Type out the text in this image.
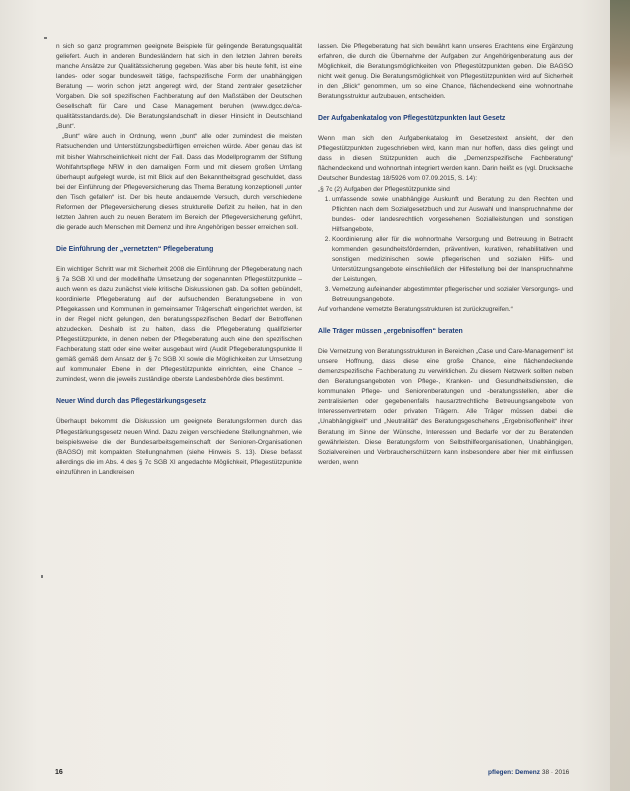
n sich so ganz programmen geeignete Beispiele für gelingende Beratungsqualität geliefert. Auch in anderen Bundesländern hat sich in den letzten Jahren bereits manche Ansätze zur Qualitätssicherung gegeben. Was aber bis heute fehlt, ist eine landes- oder sogar bundesweit tätige, fachspezifische Form der unabhängigen Beratung — worin schon jetzt angeregt wird, der Stand zentraler gesetzlicher Vorgaben. Die soll spezifischen Fachberatung auf den Maßstäben der Deutschen Gesellschaft für Care und Case Management beruhen (www.dgcc.de/ca-qualitätsstandards.de). Die Beratungslandschaft in dieser Hinsicht in Deutschland „Bunt“.

„Bunt“ wäre auch in Ordnung, wenn „bunt“ alle oder zumindest die meisten Ratsuchenden und Unterstützungsbedürftigen erreichen würde. Aber genau das ist mit bisher Wahrscheinlichkeit nicht der Fall. Dass das Modellprogramm der Stiftung Wohlfahrtspflege NRW in den damaligen Form und mit diesem großen Umfang überhaupt aufgelegt wurde, ist mit Blick auf den Bekanntheitsgrad geschuldet, dass bei der Einführung der Pflegeversicherung das Thema Beratung konzeptionell „unter den Tisch gefallen“ ist. Der bis heute andauernde Versuch, durch verschiedene Reformen der Pflegeversicherung dieses strukturelle Defizit zu heilen, hat in den letzten Jahren auch zu neuen Beratern im Bereich der Pflegeversicherung geführt, die gerade auch Menschen mit Demenz und ihre Angehörigen besser erreichen soll.

Die Einführung der „vernetzten“ Pflegeberatung

Ein wichtiger Schritt war mit Sicherheit 2008 die Einführung der Pflegeberatung nach § 7a SGB XI und der modellhafte Umsetzung der sogenannten Pflegestützpunkte – auch wenn es dazu zunächst viele kritische Diskussionen gab. Da sollten gebündelt, koordinierte Pflegeberatung auf der aufsuchenden Beratungsebene in von Pflegekassen und Kommunen in gemeinsamer Trägerschaft eingerichtet werden, ist in der Regel nicht gelungen, den beratungsspezifischen Bedarf der Betroffenen abzudecken. Deshalb ist zu halten, dass die Pflegeberatung qualifizierter Pflegestützpunkte, in denen neben der Pflegeberatung auch eine den spezifischen Fachberatung statt oder eine weiter ausgebaut wird (Audit Pflegeberatungspunkte II gemäß gemäß dem Ansatz der § 7c SGB XI sowie die Möglichkeiten zur Umsetzung auf kommunaler Ebene in der Pflegestützpunkte einrichten, eine Chance – zumindest, wenn die jeweils zuständige oberste Landesbehörde dies bestimmt.

Neuer Wind durch das Pflegestärkungsgesetz

Überhaupt bekommt die Diskussion um geeignete Beratungsformen durch das Pflegestärkungsgesetz neuen Wind. Dazu zeigen verschiedene Stellungnahmen, wie beispielsweise die der Bundesarbeitsgemeinschaft der Senioren-Organisationen (BAGSO) mit kompakten Stellungnahmen (siehe Hinweis S. 13). Diese befasst allerdings die im Abs. 4 des § 7c SGB XI angedachte Möglichkeit, Pflegestützpunkte einzuführen in Landkreisen

lassen. Die Pflegeberatung hat sich bewährt kann unseres Erachtens eine Ergänzung erfahren, die durch die Übernahme der Aufgaben zur Angehörigenberatung aus der Möglichkeit, die Beratungsmöglichkeiten von Pflegestützpunkten geben. Die BAGSO nicht weit genug. Die Beratungsmöglichkeit von Pflegestützpunkten wird auf Sicherheit in den „Blick“ genommen, um so eine Chance, flächendeckend eine wohnortnahe Beratungsstruktur aufzubauen, entscheiden.

Der Aufgabenkatalog von Pflegestützpunkten laut Gesetz

Wenn man sich den Aufgabenkatalog im Gesetzestext ansieht, der den Pflegestützpunkten zugeschrieben wird, kann man nur hoffen, dass dies gelingt und dass in diesen Stützpunkten auch die „Demenzspezifische Fachberatung“ flächendeckend und wohnortnah integriert werden kann. Darin heißt es (vgl. Drucksache Deutscher Bundestag 18/5926 vom 07.09.2015, S. 14):

„§ 7c (2) Aufgaben der Pflegestützpunkte sind

1. umfassende sowie unabhängige Auskunft und Beratung zu den Rechten und Pflichten nach dem Sozialgesetzbuch und zur Auswahl und Inanspruchnahme der bundes- oder landesrechtlich vorgesehenen Sozialleistungen und sonstigen Hilfsangebote,
2. Koordinierung aller für die wohnortnahe Versorgung und Betreuung in Betracht kommenden gesundheitsfördernden, präventiven, kurativen, rehabilitativen und sonstigen medizinischen sowie pflegerischen und sozialen Hilfs- und Unterstützungsangebote einschließlich der Hilfestellung bei der Inanspruchnahme der Leistungen,
3. Vernetzung aufeinander abgestimmter pflegerischer und sozialer Versorgungs- und Betreuungsangebote.

Auf vorhandene vernetzte Beratungsstrukturen ist zurückzugreifen.“

Alle Träger müssen „ergebnisoffen“ beraten

Die Vernetzung von Beratungsstrukturen in Bereichen „Case und Care-Management“ ist unsere Hoffnung, dass diese eine große Chance, eine flächendeckende demenzspezifische Fachberatung zu verwirklichen. Zu diesem Netzwerk sollten neben den Beratungsangeboten von Pflege-, Kranken- und Gesundheitsdiensten, die kommunalen Pflege- und Seniorenberatungen und -beratungsstellen, aber die zentralisierten oder gegebenenfalls hausarztrechtliche Betreuungsangebote von Interessenvertretern oder privaten Trägern. Alle Träger müssen dabei die „Unabhängigkeit“ und „Neutralität“ des Beratungsgeschehens „Ergebnisoffenheit“ ihrer Beratung im Sinne der Wünsche, Interessen und Bedarfe vor der zu Beratenden gewährleisten. Diese Beratungsform von Selbsthilfeorganisationen, Unabhängigen, Sozialvereinen und Verbraucherschützern kann insbesondere aber hier mit einflussen werden, wenn

16	pflegen: Demenz 38 · 2016
